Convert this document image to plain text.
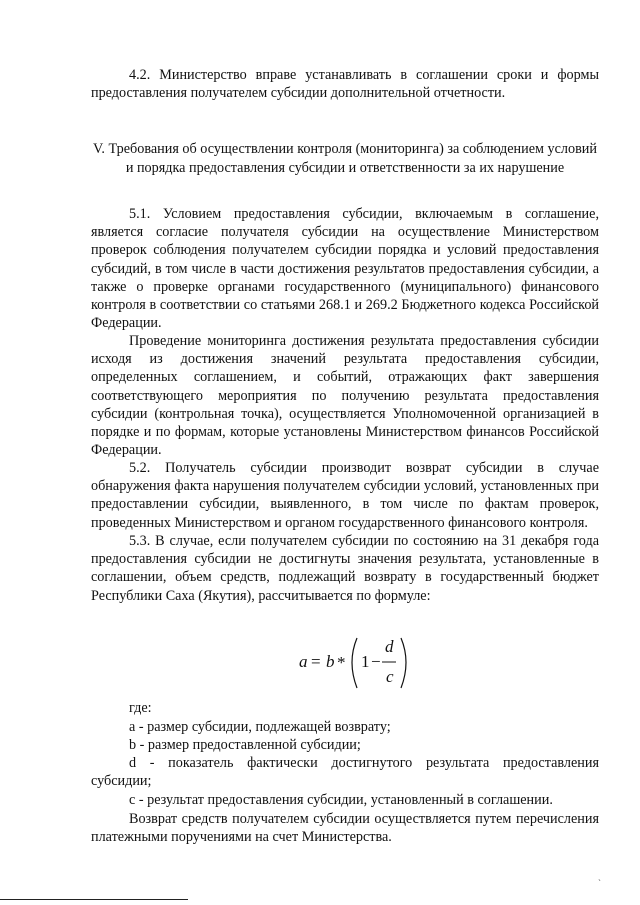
4.2. Министерство вправе устанавливать в соглашении сроки и формы предоставления получателем субсидии дополнительной отчетности.

V. Требования об осуществлении контроля (мониторинга) за соблюдением условий и порядка предоставления субсидии и ответственности за их нарушение

5.1. Условием предоставления субсидии, включаемым в соглашение, является согласие получателя субсидии на осуществление Министерством проверок соблюдения получателем субсидии порядка и условий предоставления субсидий, в том числе в части достижения результатов предоставления субсидии, а также о проверке органами государственного (муниципального) финансового контроля в соответствии со статьями 268.1 и 269.2 Бюджетного кодекса Российской Федерации.

Проведение мониторинга достижения результата предоставления субсидии исходя из достижения значений результата предоставления субсидии, определенных соглашением, и событий, отражающих факт завершения соответствующего мероприятия по получению результата предоставления субсидии (контрольная точка), осуществляется Уполномоченной организацией в порядке и по формам, которые установлены Министерством финансов Российской Федерации.

5.2. Получатель субсидии производит возврат субсидии в случае обнаружения факта нарушения получателем субсидии условий, установленных при предоставлении субсидии, выявленного, в том числе по фактам проверок, проведенных Министерством и органом государственного финансового контроля.

5.3. В случае, если получателем субсидии по состоянию на 31 декабря года предоставления субсидии не достигнуты значения результата, установленные в соглашении, объем средств, подлежащий возврату в государственный бюджет Республики Саха (Якутия), рассчитывается по формуле:

a = b * 1 −
d
c

где:

а - размер субсидии, подлежащей возврату;

b - размер предоставленной субсидии;

d - показатель фактически достигнутого результата предоставления субсидии;

с - результат предоставления субсидии, установленный в соглашении.

Возврат средств получателем субсидии осуществляется путем перечисления платежными поручениями на счет Министерства.

`
